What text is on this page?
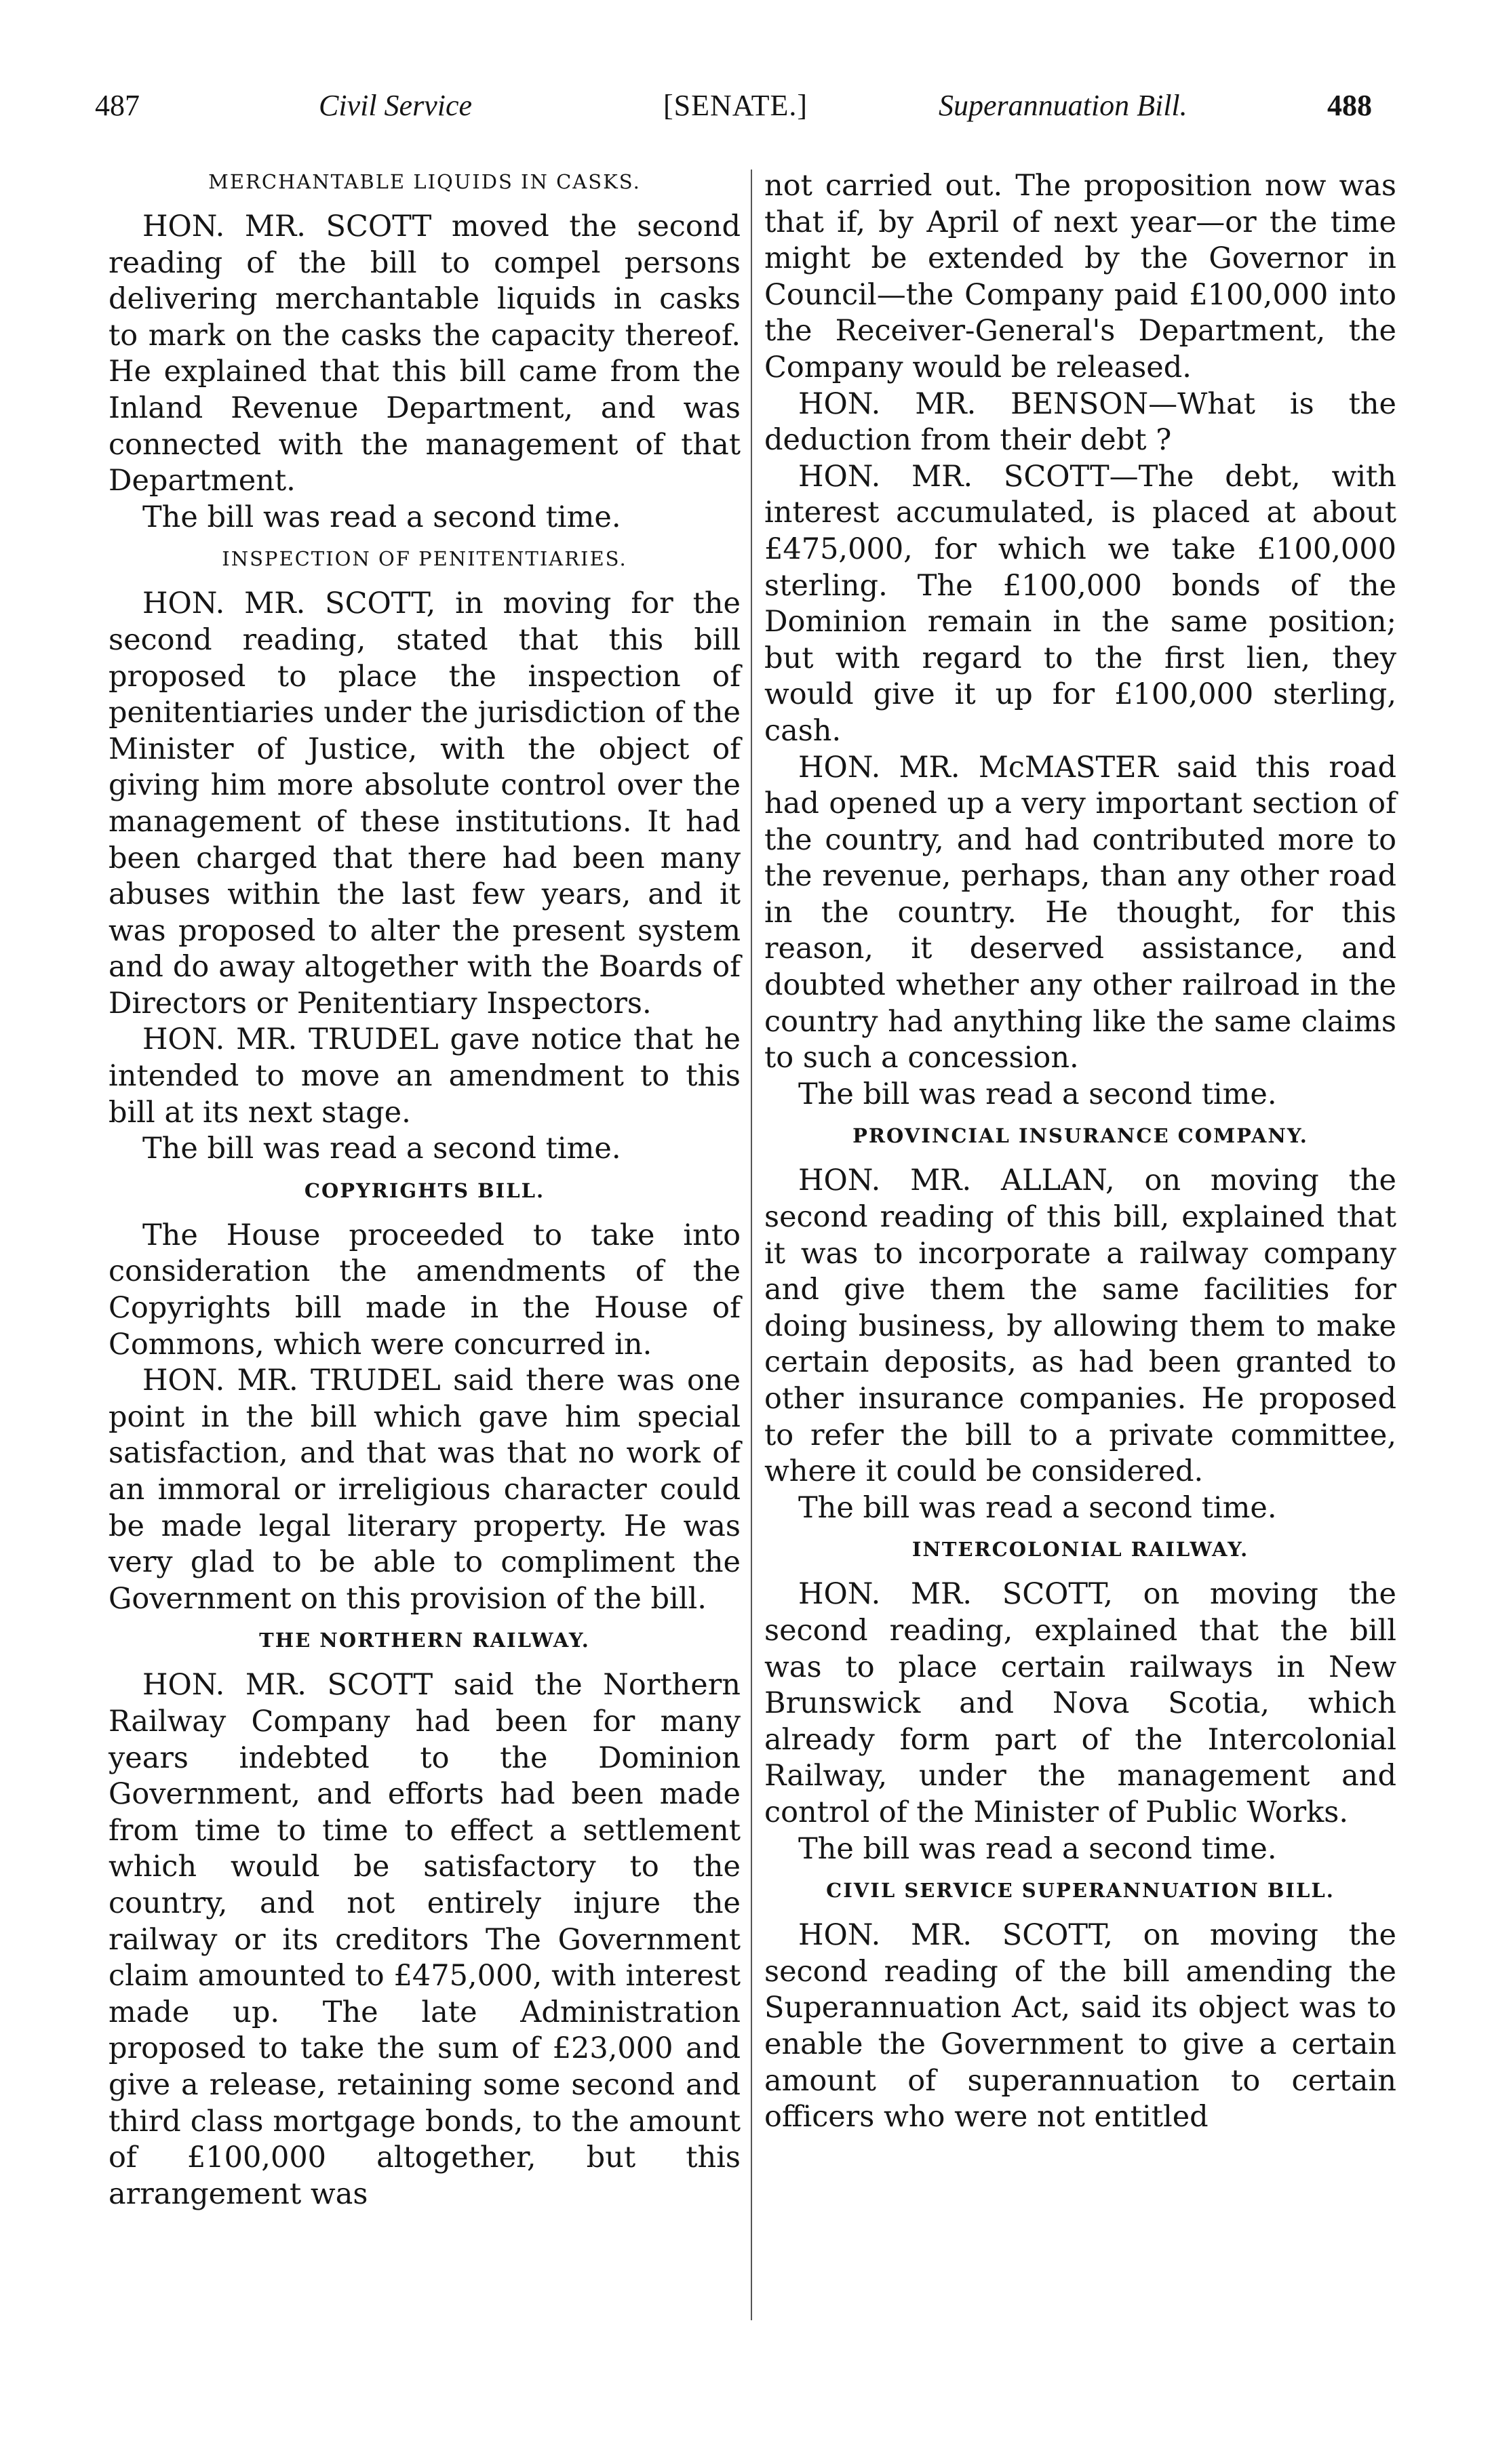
487	Civil Service	[SENATE.]	Superannuation Bill.	488
MERCHANTABLE LIQUIDS IN CASKS.

HON. MR. SCOTT moved the second reading of the bill to compel persons delivering merchantable liquids in casks to mark on the casks the capacity thereof. He explained that this bill came from the Inland Revenue Department, and was connected with the management of that Department.

The bill was read a second time.

INSPECTION OF PENITENTIARIES.

HON. MR. SCOTT, in moving for the second reading, stated that this bill proposed to place the inspection of penitentiaries under the jurisdiction of the Minister of Justice, with the object of giving him more absolute control over the management of these institutions. It had been charged that there had been many abuses within the last few years, and it was proposed to alter the present system and do away altogether with the Boards of Directors or Penitentiary Inspectors.

HON. MR. TRUDEL gave notice that he intended to move an amendment to this bill at its next stage.

The bill was read a second time.

COPYRIGHTS BILL.

The House proceeded to take into consideration the amendments of the Copyrights bill made in the House of Commons, which were concurred in.

HON. MR. TRUDEL said there was one point in the bill which gave him special satisfaction, and that was that no work of an immoral or irreligious character could be made legal literary property. He was very glad to be able to compliment the Government on this provision of the bill.

THE NORTHERN RAILWAY.

HON. MR. SCOTT said the Northern Railway Company had been for many years indebted to the Dominion Government, and efforts had been made from time to time to effect a settlement which would be satisfactory to the country, and not entirely injure the railway or its creditors The Government claim amounted to £475,000, with interest made up. The late Administration proposed to take the sum of £23,000 and give a release, retaining some second and third class mortgage bonds, to the amount of £100,000 altogether, but this arrangement was

not carried out. The proposition now was that if, by April of next year—or the time might be extended by the Governor in Council—the Company paid £100,000 into the Receiver-General's Department, the Company would be released.

HON. MR. BENSON—What is the deduction from their debt ?

HON. MR. SCOTT—The debt, with interest accumulated, is placed at about £475,000, for which we take £100,000 sterling. The £100,000 bonds of the Dominion remain in the same position; but with regard to the first lien, they would give it up for £100,000 sterling, cash.

HON. MR. McMASTER said this road had opened up a very important section of the country, and had contributed more to the revenue, perhaps, than any other road in the country. He thought, for this reason, it deserved assistance, and doubted whether any other railroad in the country had anything like the same claims to such a concession.

The bill was read a second time.

PROVINCIAL INSURANCE COMPANY.

HON. MR. ALLAN, on moving the second reading of this bill, explained that it was to incorporate a railway company and give them the same facilities for doing business, by allowing them to make certain deposits, as had been granted to other insurance companies. He proposed to refer the bill to a private committee, where it could be considered.

The bill was read a second time.

INTERCOLONIAL RAILWAY.

HON. MR. SCOTT, on moving the second reading, explained that the bill was to place certain railways in New Brunswick and Nova Scotia, which already form part of the Intercolonial Railway, under the management and control of the Minister of Public Works.

The bill was read a second time.

CIVIL SERVICE SUPERANNUATION BILL.

HON. MR. SCOTT, on moving the second reading of the bill amending the Superannuation Act, said its object was to enable the Government to give a certain amount of superannuation to certain officers who were not entitled
